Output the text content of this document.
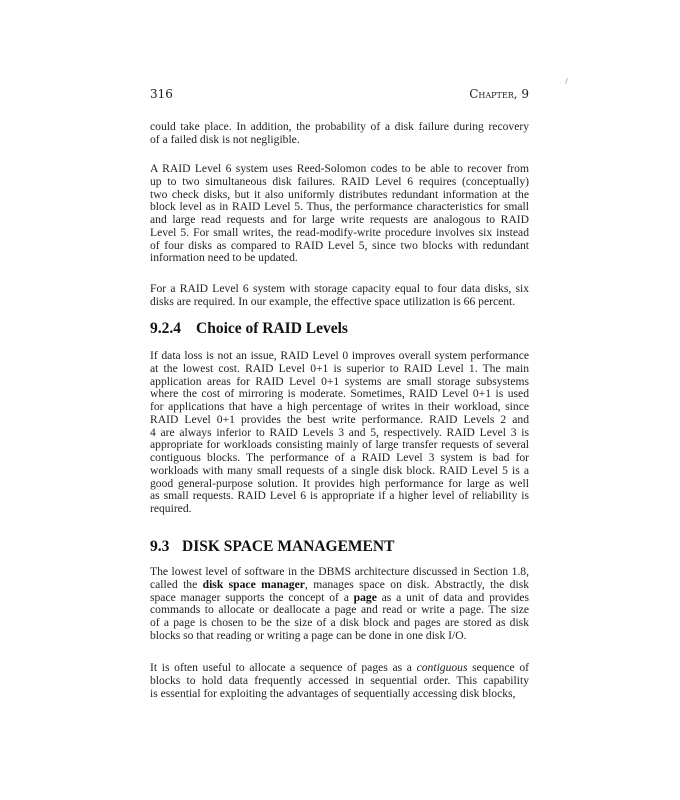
316	Chapter, 9
could take place. In addition, the probability of a disk failure during recovery
of a failed disk is not negligible.
A RAID Level 6 system uses Reed-Solomon codes to be able to recover from
up to two simultaneous disk failures. RAID Level 6 requires (conceptually)
two check disks, but it also uniformly distributes redundant information at the
block level as in RAID Level 5. Thus, the performance characteristics for small
and large read requests and for large write requests are analogous to RAID
Level 5. For small writes, the read-modify-write procedure involves six instead
of four disks as compared to RAID Level 5, since two blocks with redundant
information need to be updated.
For a RAID Level 6 system with storage capacity equal to four data disks, six
disks are required. In our example, the effective space utilization is 66 percent.
9.2.4 Choice of RAID Levels
If data loss is not an issue, RAID Level 0 improves overall system performance
at the lowest cost. RAID Level 0+1 is superior to RAID Level 1. The main
application areas for RAID Level 0+1 systems are small storage subsystems
where the cost of mirroring is moderate. Sometimes, RAID Level 0+1 is used
for applications that have a high percentage of writes in their workload, since
RAID Level 0+1 provides the best write performance. RAID Levels 2 and
4 are always inferior to RAID Levels 3 and 5, respectively. RAID Level 3 is
appropriate for workloads consisting mainly of large transfer requests of several
contiguous blocks. The performance of a RAID Level 3 system is bad for
workloads with many small requests of a single disk block. RAID Level 5 is a
good general-purpose solution. It provides high performance for large as well
as small requests. RAID Level 6 is appropriate if a higher level of reliability is
required.
9.3 DISK SPACE MANAGEMENT
The lowest level of software in the DBMS architecture discussed in Section 1.8,
called the disk space manager, manages space on disk. Abstractly, the disk
space manager supports the concept of a page as a unit of data and provides
commands to allocate or deallocate a page and read or write a page. The size
of a page is chosen to be the size of a disk block and pages are stored as disk
blocks so that reading or writing a page can be done in one disk I/O.
It is often useful to allocate a sequence of pages as a contiguous sequence of
blocks to hold data frequently accessed in sequential order. This capability
is essential for exploiting the advantages of sequentially accessing disk blocks,
